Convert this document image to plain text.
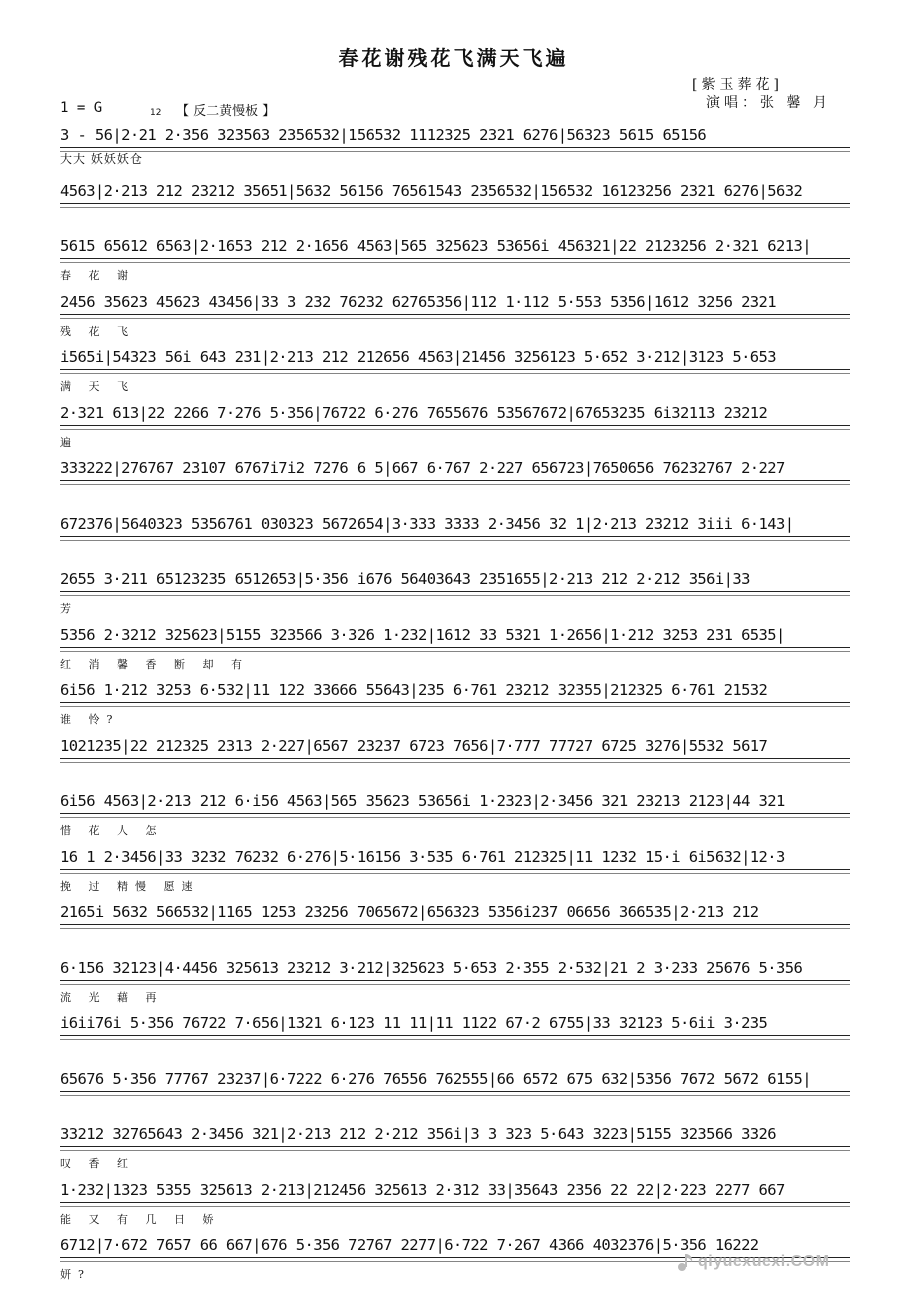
春花谢残花飞满天飞遍
[紫玉葬花]
演唱：张 馨 月
1 = G	【 反二黄慢板 】
12
大大 妖妖妖仓
3 - 56|2·21 2·356 323563 2356532|156532 1112325 2321 6276|56323 5615 65156
4563|2·213 212 23212 35651|5632 56156 76561543 2356532|156532 16123256 2321 6276|5632
5615 65612 6563|2·1653 212 2·1656 4563|565 325623 53656i 456321|22 2123256 2·321 6213|
春 花 谢
2456 35623 45623 43456|33 3 232 76232 62765356|112 1·112 5·553 5356|1612 3256 2321
残 花 飞
i565i|54323 56i 643 231|2·213 212 212656 4563|21456 3256123 5·652 3·212|3123 5·653
满 天 飞
2·321 613|22 2266 7·276 5·356|76722 6·276 7655676 53567672|67653235 6i32113 23212
遍
333222|276767 23107 6767i7i2 7276 6 5|667 6·767 2·227 656723|7650656 76232767 2·227
672376|5640323 5356761 030323 5672654|3·333 3333 2·3456 32 1|2·213 23212 3iii 6·143|
2655 3·211 65123235 6512653|5·356 i676 56403643 2351655|2·213 212 2·212 356i|33
芳
5356 2·3212 325623|5155 323566 3·326 1·232|1612 33 5321 1·2656|1·212 3253 231 6535|
红 消 馨 香 断 却 有
6i56 1·212 3253 6·532|11 122 33666 55643|235 6·761 23212 32355|212325 6·761 21532
谁 怜?
1021235|22 212325 2313 2·227|6567 23237 6723 7656|7·777 77727 6725 3276|5532 5617
6i56 4563|2·213 212 6·i56 4563|565 35623 53656i 1·2323|2·3456 321 23213 2123|44 321
惜 花 人 怎
16 1 2·3456|33 3232 76232 6·276|5·16156 3·535 6·761 212325|11 1232 15·i 6i5632|12·3
挽 过 精慢 愿速
2165i 5632 566532|1165 1253 23256 7065672|656323 5356i237 06656 366535|2·213 212
6·156 32123|4·4456 325613 23212 3·212|325623 5·653 2·355 2·532|21 2 3·233 25676 5·356
流 光 藉 再
i6ii76i 5·356 76722 7·656|1321 6·123 11 11|11 1122 67·2 6755|33 32123 5·6ii 3·235
65676 5·356 77767 23237|6·7222 6·276 76556 762555|66 6572 675 632|5356 7672 5672 6155|
33212 32765643 2·3456 321|2·213 212 2·212 356i|3 3 323 5·643 3223|5155 323566 3326
叹 香 红
1·232|1323 5355 325613 2·213|212456 325613 2·312 33|35643 2356 22 22|2·223 2277 667
能 又 有 几 日 娇
6712|7·672 7657 66 667|676 5·356 72767 2277|6·722 7·267 4366 4032376|5·356 16222
妍?
qiyuexuexi.COM
